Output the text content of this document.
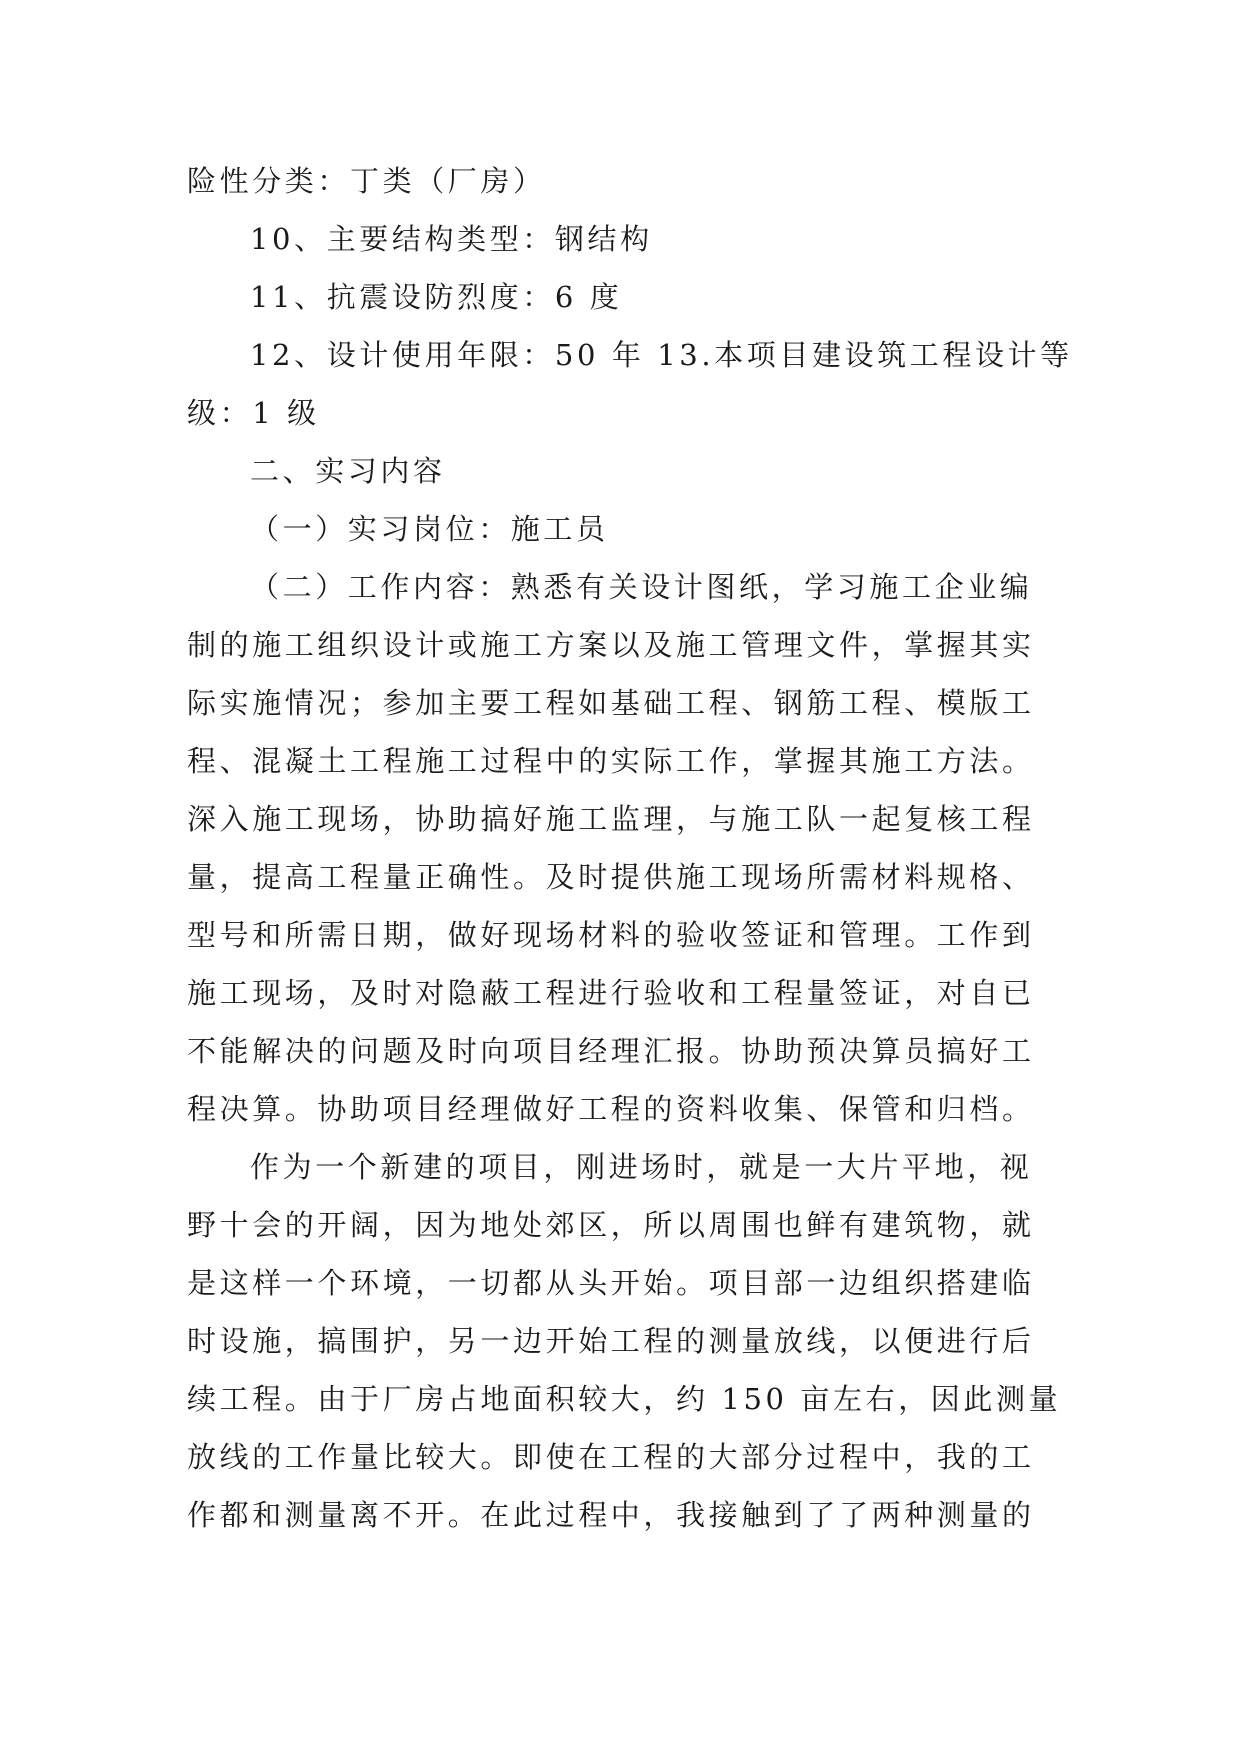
险性分类：丁类（厂房）
10、主要结构类型：钢结构
11、抗震设防烈度：6 度
12、设计使用年限：50 年 13.本项目建设筑工程设计等
级：1 级
二、实习内容
（一）实习岗位：施工员
（二）工作内容：熟悉有关设计图纸，学习施工企业编
制的施工组织设计或施工方案以及施工管理文件，掌握其实
际实施情况；参加主要工程如基础工程、钢筋工程、模版工
程、混凝土工程施工过程中的实际工作，掌握其施工方法。
深入施工现场，协助搞好施工监理，与施工队一起复核工程
量，提高工程量正确性。及时提供施工现场所需材料规格、
型号和所需日期，做好现场材料的验收签证和管理。工作到
施工现场，及时对隐蔽工程进行验收和工程量签证，对自已
不能解决的问题及时向项目经理汇报。协助预决算员搞好工
程决算。协助项目经理做好工程的资料收集、保管和归档。
作为一个新建的项目，刚进场时，就是一大片平地，视
野十会的开阔，因为地处郊区，所以周围也鲜有建筑物，就
是这样一个环境，一切都从头开始。项目部一边组织搭建临
时设施，搞围护，另一边开始工程的测量放线，以便进行后
续工程。由于厂房占地面积较大，约 150 亩左右，因此测量
放线的工作量比较大。即使在工程的大部分过程中，我的工
作都和测量离不开。在此过程中，我接触到了了两种测量的
